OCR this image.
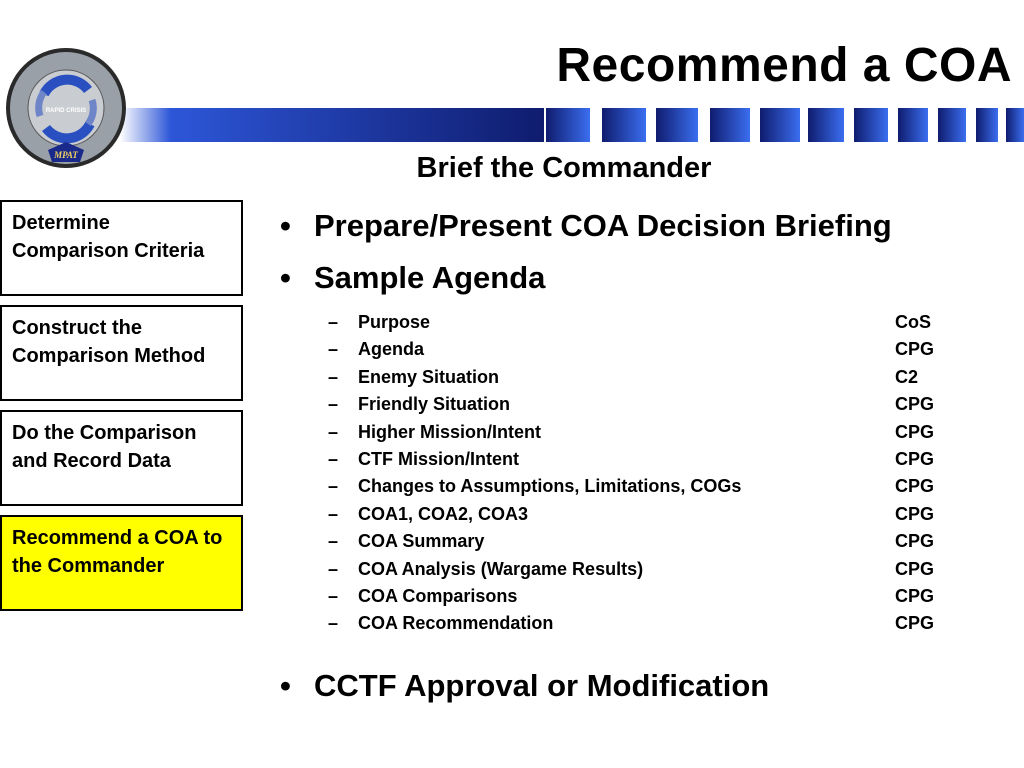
Recommend a COA
RAPID CRISIS
MPAT	Brief the Commander
Determine Comparison Criteria
Construct the Comparison Method
Do the Comparison and Record Data
Recommend a COA to the Commander
• Prepare/Present COA Decision Briefing
• Sample Agenda
– Purpose	CoS
– Agenda	CPG
– Enemy Situation	C2
– Friendly Situation	CPG
– Higher Mission/Intent	CPG
– CTF Mission/Intent	CPG
– Changes to Assumptions, Limitations, COGs	CPG
– COA1, COA2, COA3	CPG
– COA Summary	CPG
– COA Analysis (Wargame Results)	CPG
– COA Comparisons	CPG
– COA Recommendation	CPG
• CCTF Approval or Modification
